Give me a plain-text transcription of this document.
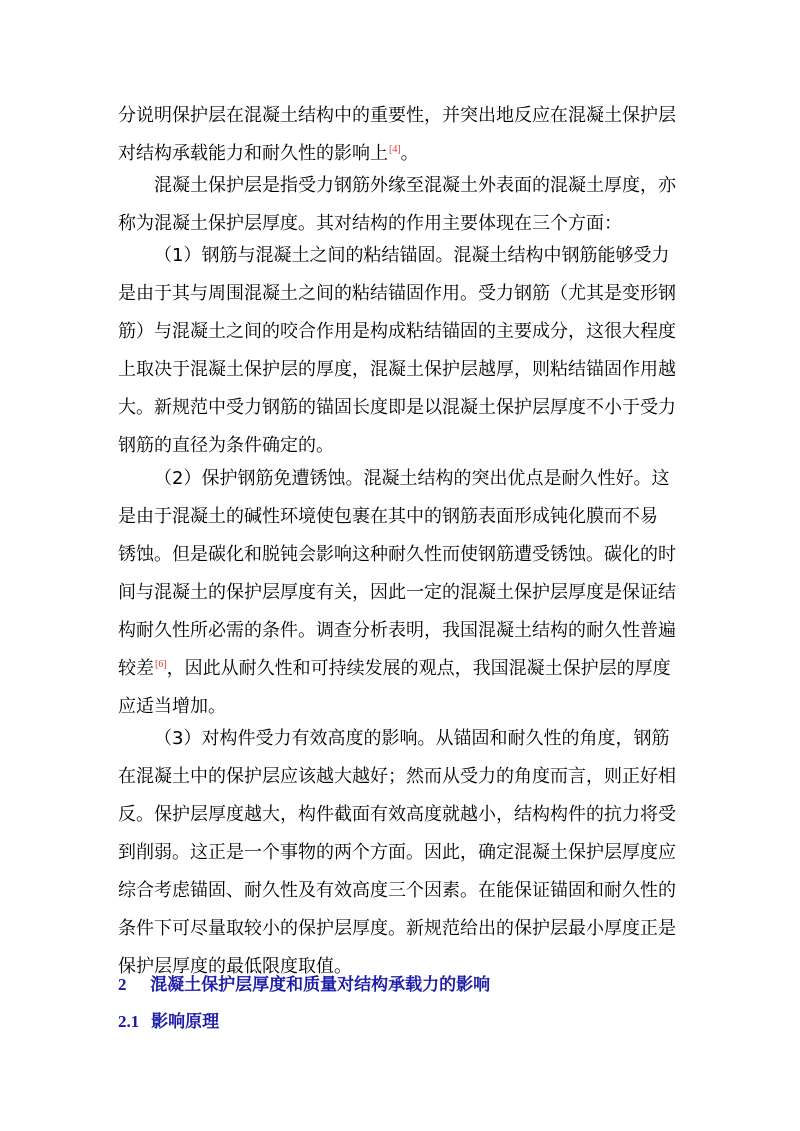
分说明保护层在混凝土结构中的重要性，并突出地反应在混凝土保护层
对结构承载能力和耐久性的影响上[4]。

混凝土保护层是指受力钢筋外缘至混凝土外表面的混凝土厚度，亦
称为混凝土保护层厚度。其对结构的作用主要体现在三个方面：

（1）钢筋与混凝土之间的粘结锚固。混凝土结构中钢筋能够受力
是由于其与周围混凝土之间的粘结锚固作用。受力钢筋（尤其是变形钢
筋）与混凝土之间的咬合作用是构成粘结锚固的主要成分，这很大程度
上取决于混凝土保护层的厚度，混凝土保护层越厚，则粘结锚固作用越
大。新规范中受力钢筋的锚固长度即是以混凝土保护层厚度不小于受力
钢筋的直径为条件确定的。

（2）保护钢筋免遭锈蚀。混凝土结构的突出优点是耐久性好。这
是由于混凝土的碱性环境使包裹在其中的钢筋表面形成钝化膜而不易
锈蚀。但是碳化和脱钝会影响这种耐久性而使钢筋遭受锈蚀。碳化的时
间与混凝土的保护层厚度有关，因此一定的混凝土保护层厚度是保证结
构耐久性所必需的条件。调查分析表明，我国混凝土结构的耐久性普遍
较差[6]，因此从耐久性和可持续发展的观点，我国混凝土保护层的厚度
应适当增加。

（3）对构件受力有效高度的影响。从锚固和耐久性的角度，钢筋
在混凝土中的保护层应该越大越好；然而从受力的角度而言，则正好相
反。保护层厚度越大，构件截面有效高度就越小，结构构件的抗力将受
到削弱。这正是一个事物的两个方面。因此，确定混凝土保护层厚度应
综合考虑锚固、耐久性及有效高度三个因素。在能保证锚固和耐久性的
条件下可尽量取较小的保护层厚度。新规范给出的保护层最小厚度正是
保护层厚度的最低限度取值。

2 混凝土保护层厚度和质量对结构承载力的影响
2.1 影响原理
